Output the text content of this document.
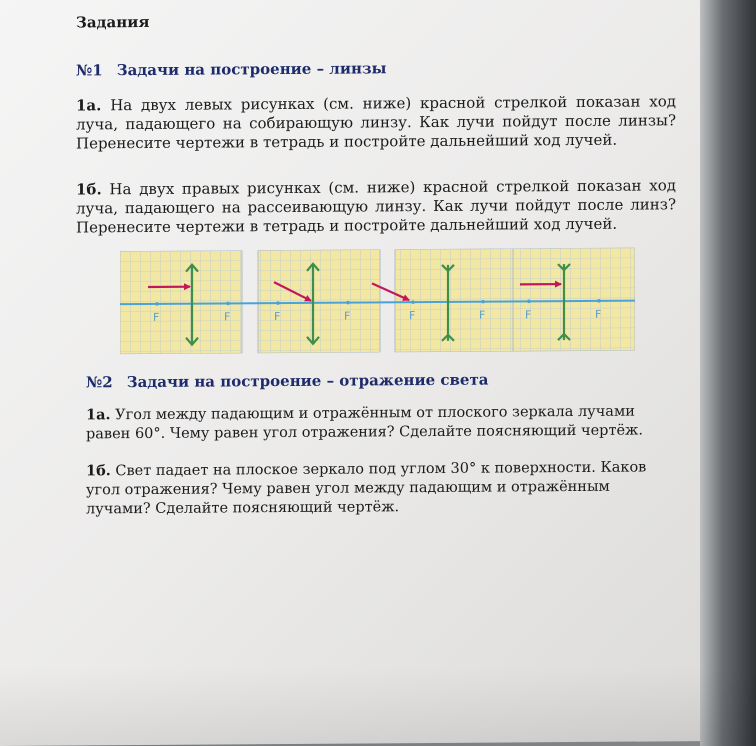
Задания
№1 Задачи на построение – линзы

1а. На двух левых рисунках (см. ниже) красной стрелкой показан ход луча, падающего на собирающую линзу. Как лучи пойдут после линзы? Перенесите чертежи в тетрадь и постройте дальнейший ход лучей.

1б. На двух правых рисунках (см. ниже) красной стрелкой показан ход луча, падающего на рассеивающую линзу. Как лучи пойдут после линз? Перенесите чертежи в тетрадь и постройте дальнейший ход лучей.

F	F	F	F	F	F	F	F
№2 Задачи на построение – отражение света

1а. Угол между падающим и отражённым от плоского зеркала лучами равен 60°. Чему равен угол отражения? Сделайте поясняющий чертёж.

1б. Свет падает на плоское зеркало под углом 30° к поверхности. Каков угол отражения? Чему равен угол между падающим и отражённым лучами? Сделайте поясняющий чертёж.
